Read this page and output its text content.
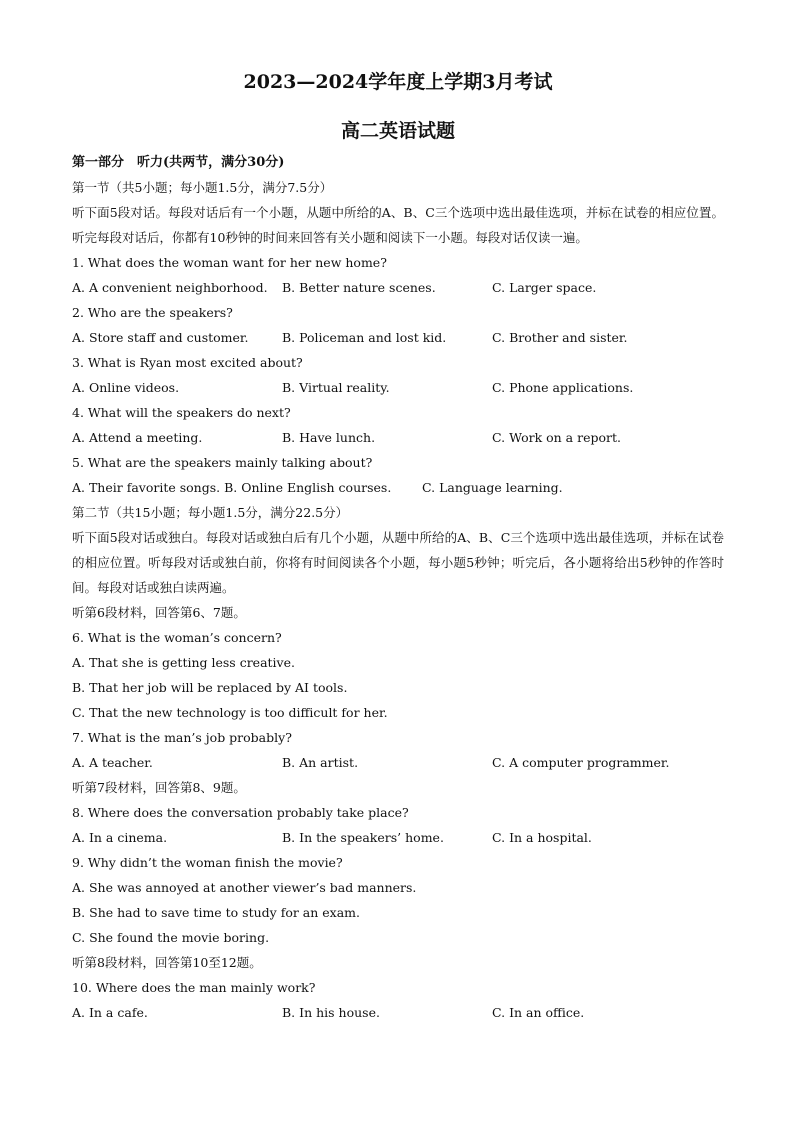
2023—2024学年度上学期3月考试
高二英语试题
第一部分　听力(共两节，满分30分)
第一节（共5小题；每小题1.5分，满分7.5分）
听下面5段对话。每段对话后有一个小题，从题中所给的A、B、C三个选项中选出最佳选项，并标在试卷的相应位置。听完每段对话后，你都有10秒钟的时间来回答有关小题和阅读下一小题。每段对话仅读一遍。
1. What does the woman want for her new home?
A. A convenient neighborhood.	B. Better nature scenes.	C. Larger space.
2. Who are the speakers?
A. Store staff and customer.	B. Policeman and lost kid.	C. Brother and sister.
3. What is Ryan most excited about?
A. Online videos.	B. Virtual reality.	C. Phone applications.
4. What will the speakers do next?
A. Attend a meeting.	B. Have lunch.	C. Work on a report.
5. What are the speakers mainly talking about?
A. Their favorite songs. B. Online English courses.	C. Language learning.
第二节（共15小题；每小题1.5分，满分22.5分）
听下面5段对话或独白。每段对话或独白后有几个小题，从题中所给的A、B、C三个选项中选出最佳选项，并标在试卷的相应位置。听每段对话或独白前，你将有时间阅读各个小题，每小题5秒钟；听完后，各小题将给出5秒钟的作答时间。每段对话或独白读两遍。
听第6段材料，回答第6、7题。
6. What is the woman’s concern?
A. That she is getting less creative.
B. That her job will be replaced by AI tools.
C. That the new technology is too difficult for her.
7. What is the man’s job probably?
A. A teacher.	B. An artist.	C. A computer programmer.
听第7段材料，回答第8、9题。
8. Where does the conversation probably take place?
A. In a cinema.	B. In the speakers’ home.	C. In a hospital.
9. Why didn’t the woman finish the movie?
A. She was annoyed at another viewer’s bad manners.
B. She had to save time to study for an exam.
C. She found the movie boring.
听第8段材料，回答第10至12题。
10. Where does the man mainly work?
A. In a cafe.	B. In his house.	C. In an office.
